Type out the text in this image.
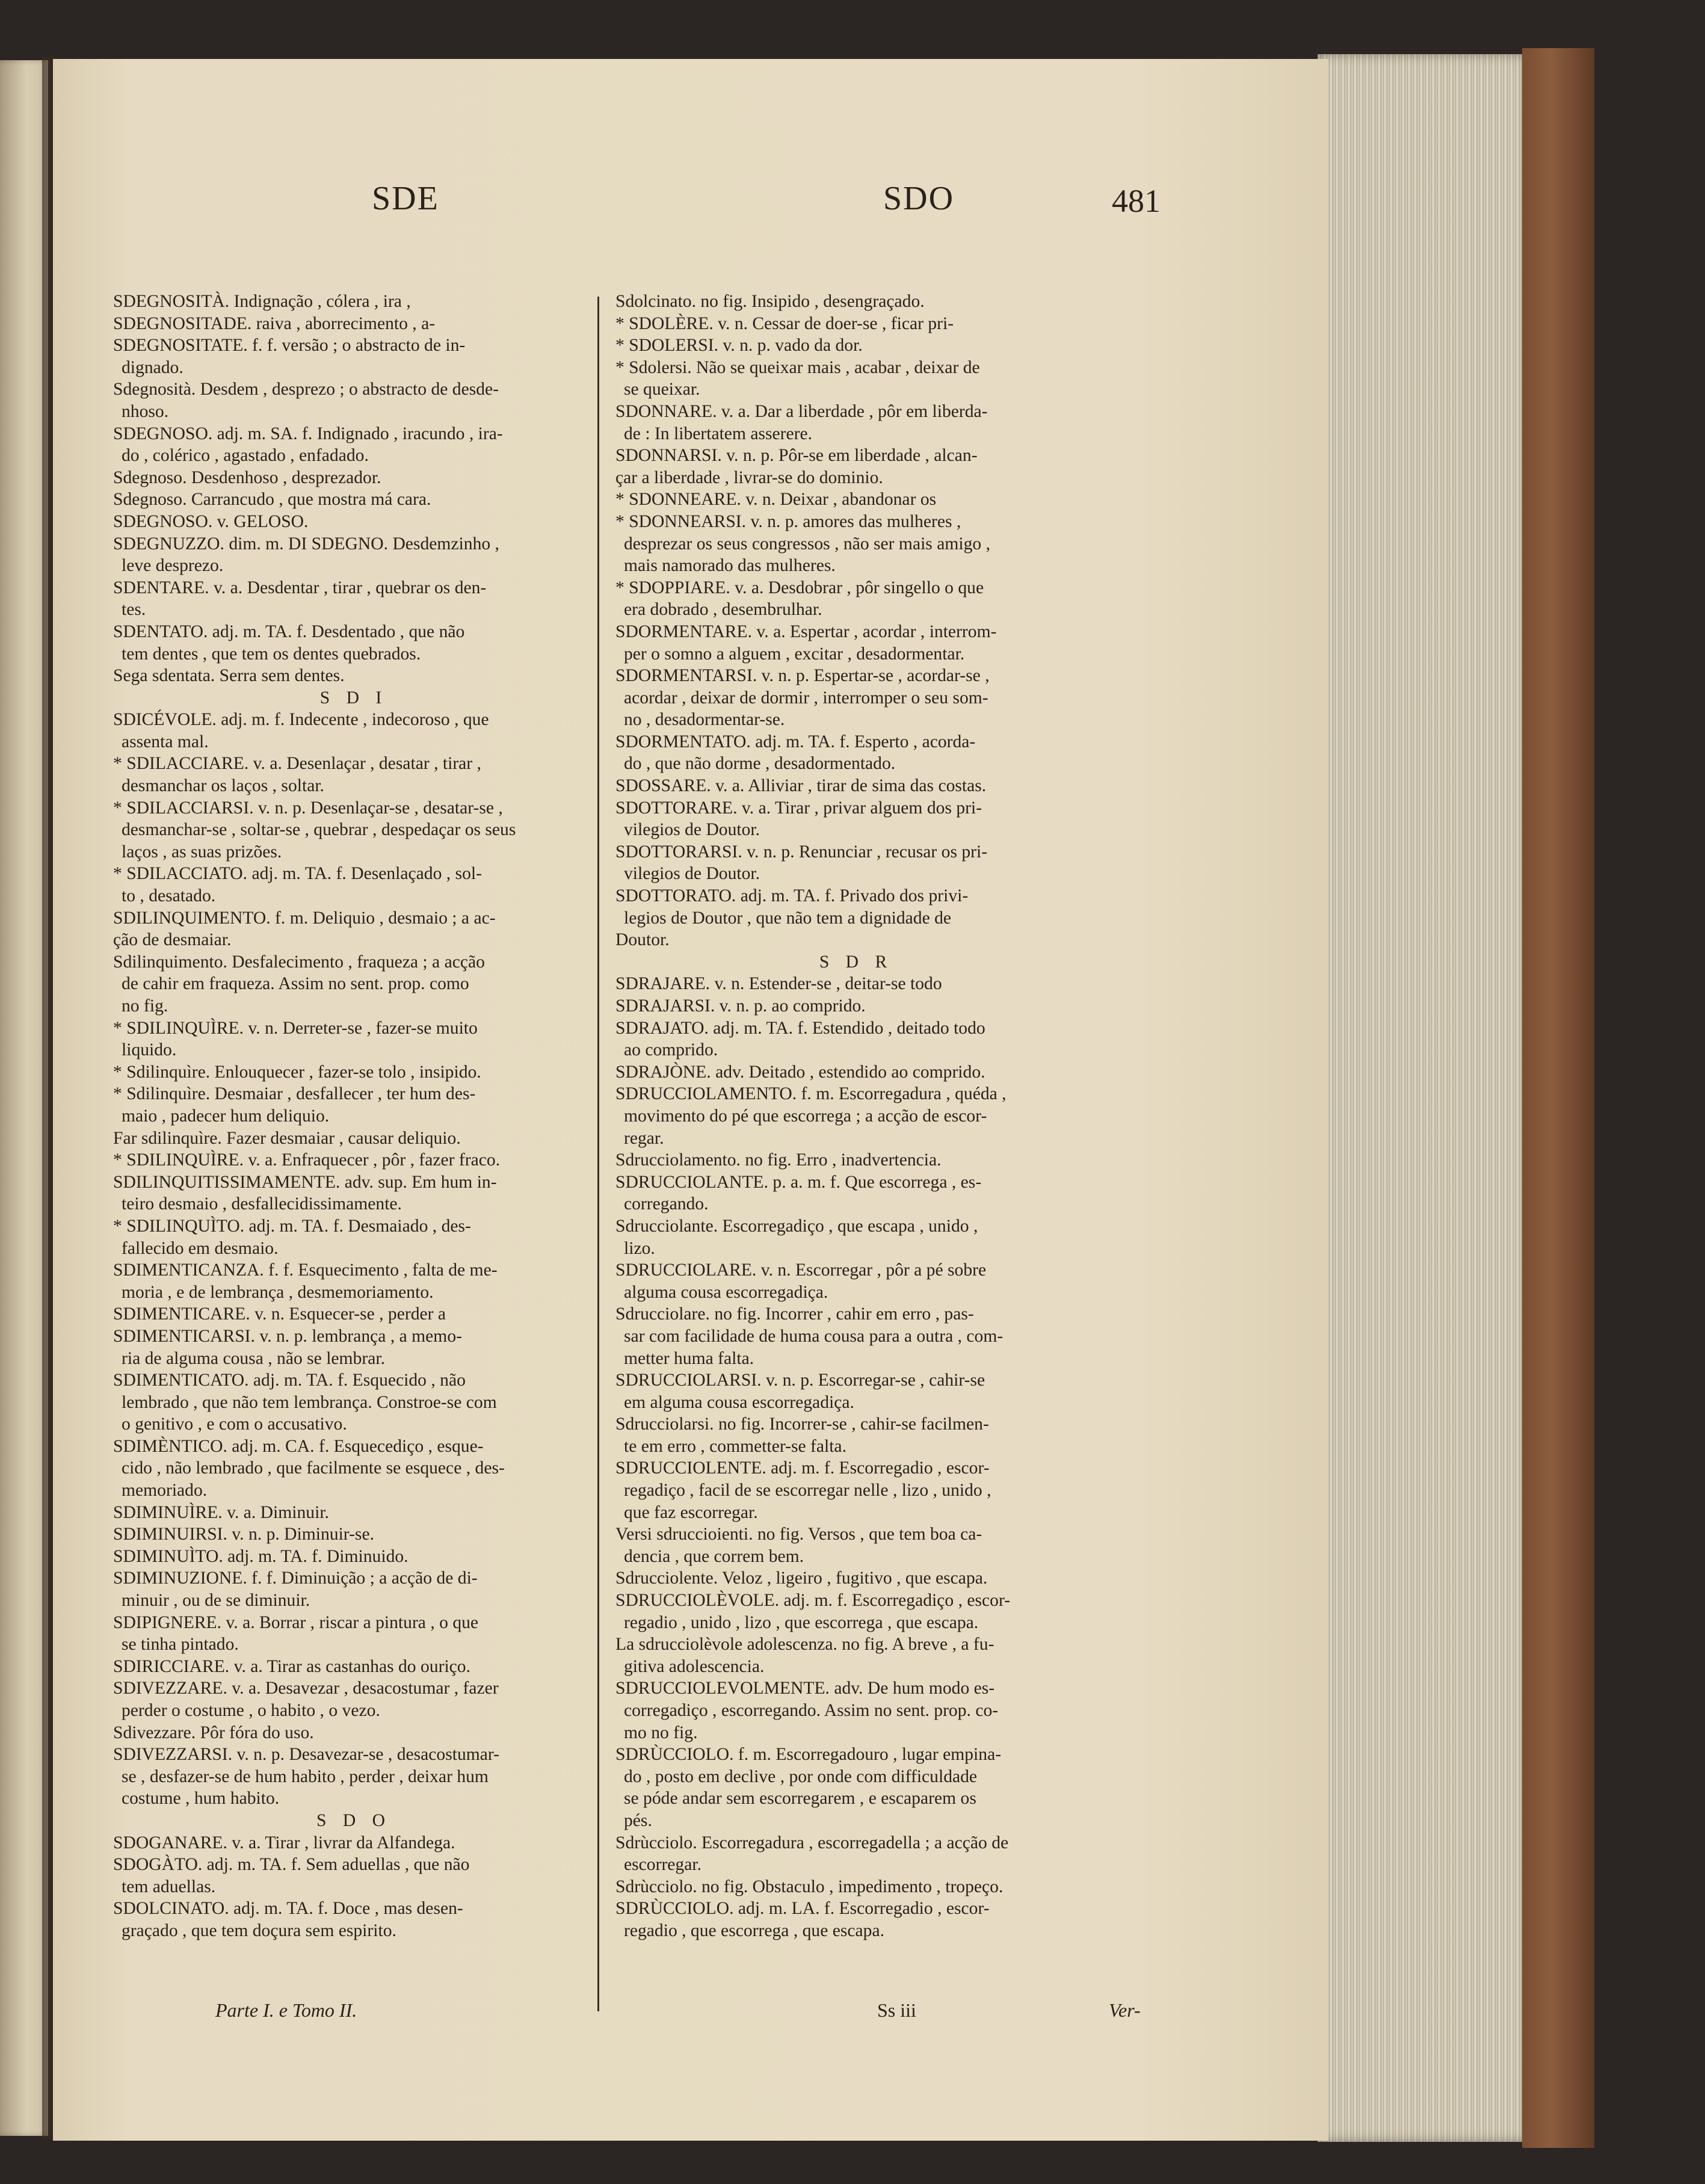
SDE	SDO	481
SDEGNOSITÀ. Indignação , cólera , ira ,
SDEGNOSITADE. raiva , aborrecimento , a-
SDEGNOSITATE. f. f. versão ; o abstracto de in-
dignado.
Sdegnosità. Desdem , desprezo ; o abstracto de desde-
nhoso.
SDEGNOSO. adj. m. SA. f. Indignado , iracundo , ira-
do , colérico , agastado , enfadado.
Sdegnoso. Desdenhoso , desprezador.
Sdegnoso. Carrancudo , que mostra má cara.
SDEGNOSO. v. GELOSO.
SDEGNUZZO. dim. m. DI SDEGNO. Desdemzinho ,
leve desprezo.
SDENTARE. v. a. Desdentar , tirar , quebrar os den-
tes.
SDENTATO. adj. m. TA. f. Desdentado , que não
tem dentes , que tem os dentes quebrados.
Sega sdentata. Serra sem dentes.
S D I
SDICÉVOLE. adj. m. f. Indecente , indecoroso , que
assenta mal.
* SDILACCIARE. v. a. Desenlaçar , desatar , tirar ,
desmanchar os laços , soltar.
* SDILACCIARSI. v. n. p. Desenlaçar-se , desatar-se ,
desmanchar-se , soltar-se , quebrar , despedaçar os seus
laços , as suas prizões.
* SDILACCIATO. adj. m. TA. f. Desenlaçado , sol-
to , desatado.
SDILINQUIMENTO. f. m. Deliquio , desmaio ; a ac-
ção de desmaiar.
Sdilinquimento. Desfalecimento , fraqueza ; a acção
de cahir em fraqueza. Assim no sent. prop. como
no fig.
* SDILINQUÌRE. v. n. Derreter-se , fazer-se muito
liquido.
* Sdilinquìre. Enlouquecer , fazer-se tolo , insipido.
* Sdilinquìre. Desmaiar , desfallecer , ter hum des-
maio , padecer hum deliquio.
Far sdilinquìre. Fazer desmaiar , causar deliquio.
* SDILINQUÌRE. v. a. Enfraquecer , pôr , fazer fraco.
SDILINQUITISSIMAMENTE. adv. sup. Em hum in-
teiro desmaio , desfallecidissimamente.
* SDILINQUÌTO. adj. m. TA. f. Desmaiado , des-
fallecido em desmaio.
SDIMENTICANZA. f. f. Esquecimento , falta de me-
moria , e de lembrança , desmemoriamento.
SDIMENTICARE. v. n. Esquecer-se , perder a
SDIMENTICARSI. v. n. p. lembrança , a memo-
ria de alguma cousa , não se lembrar.
SDIMENTICATO. adj. m. TA. f. Esquecido , não
lembrado , que não tem lembrança. Constroe-se com
o genitivo , e com o accusativo.
SDIMÈNTICO. adj. m. CA. f. Esquecediço , esque-
cido , não lembrado , que facilmente se esquece , des-
memoriado.
SDIMINUÌRE. v. a. Diminuir.
SDIMINUIRSI. v. n. p. Diminuir-se.
SDIMINUÌTO. adj. m. TA. f. Diminuido.
SDIMINUZIONE. f. f. Diminuição ; a acção de di-
minuir , ou de se diminuir.
SDIPIGNERE. v. a. Borrar , riscar a pintura , o que
se tinha pintado.
SDIRICCIARE. v. a. Tirar as castanhas do ouriço.
SDIVEZZARE. v. a. Desavezar , desacostumar , fazer
perder o costume , o habito , o vezo.
Sdivezzare. Pôr fóra do uso.
SDIVEZZARSI. v. n. p. Desavezar-se , desacostumar-
se , desfazer-se de hum habito , perder , deixar hum
costume , hum habito.
S D O
SDOGANARE. v. a. Tirar , livrar da Alfandega.
SDOGÀTO. adj. m. TA. f. Sem aduellas , que não
tem aduellas.
SDOLCINATO. adj. m. TA. f. Doce , mas desen-
graçado , que tem doçura sem espirito.
Sdolcinato. no fig. Insipido , desengraçado.
* SDOLÈRE. v. n. Cessar de doer-se , ficar pri-
* SDOLERSI. v. n. p. vado da dor.
* Sdolersi. Não se queixar mais , acabar , deixar de
se queixar.
SDONNARE. v. a. Dar a liberdade , pôr em liberda-
de : In libertatem asserere.
SDONNARSI. v. n. p. Pôr-se em liberdade , alcan-
çar a liberdade , livrar-se do dominio.
* SDONNEARE. v. n. Deixar , abandonar os
* SDONNEARSI. v. n. p. amores das mulheres ,
desprezar os seus congressos , não ser mais amigo ,
mais namorado das mulheres.
* SDOPPIARE. v. a. Desdobrar , pôr singello o que
era dobrado , desembrulhar.
SDORMENTARE. v. a. Espertar , acordar , interrom-
per o somno a alguem , excitar , desadormentar.
SDORMENTARSI. v. n. p. Espertar-se , acordar-se ,
acordar , deixar de dormir , interromper o seu som-
no , desadormentar-se.
SDORMENTATO. adj. m. TA. f. Esperto , acorda-
do , que não dorme , desadormentado.
SDOSSARE. v. a. Alliviar , tirar de sima das costas.
SDOTTORARE. v. a. Tirar , privar alguem dos pri-
vilegios de Doutor.
SDOTTORARSI. v. n. p. Renunciar , recusar os pri-
vilegios de Doutor.
SDOTTORATO. adj. m. TA. f. Privado dos privi-
legios de Doutor , que não tem a dignidade de
Doutor.
S D R
SDRAJARE. v. n. Estender-se , deitar-se todo
SDRAJARSI. v. n. p. ao comprido.
SDRAJATO. adj. m. TA. f. Estendido , deitado todo
ao comprido.
SDRAJÒNE. adv. Deitado , estendido ao comprido.
SDRUCCIOLAMENTO. f. m. Escorregadura , quéda ,
movimento do pé que escorrega ; a acção de escor-
regar.
Sdrucciolamento. no fig. Erro , inadvertencia.
SDRUCCIOLANTE. p. a. m. f. Que escorrega , es-
corregando.
Sdrucciolante. Escorregadiço , que escapa , unido ,
lizo.
SDRUCCIOLARE. v. n. Escorregar , pôr a pé sobre
alguma cousa escorregadiça.
Sdrucciolare. no fig. Incorrer , cahir em erro , pas-
sar com facilidade de huma cousa para a outra , com-
metter huma falta.
SDRUCCIOLARSI. v. n. p. Escorregar-se , cahir-se
em alguma cousa escorregadiça.
Sdrucciolarsi. no fig. Incorrer-se , cahir-se facilmen-
te em erro , commetter-se falta.
SDRUCCIOLENTE. adj. m. f. Escorregadio , escor-
regadiço , facil de se escorregar nelle , lizo , unido ,
que faz escorregar.
Versi sdruccioienti. no fig. Versos , que tem boa ca-
dencia , que correm bem.
Sdrucciolente. Veloz , ligeiro , fugitivo , que escapa.
SDRUCCIOLÈVOLE. adj. m. f. Escorregadiço , escor-
regadio , unido , lizo , que escorrega , que escapa.
La sdrucciolèvole adolescenza. no fig. A breve , a fu-
gitiva adolescencia.
SDRUCCIOLEVOLMENTE. adv. De hum modo es-
corregadiço , escorregando. Assim no sent. prop. co-
mo no fig.
SDRÙCCIOLO. f. m. Escorregadouro , lugar empina-
do , posto em declive , por onde com difficuldade
se póde andar sem escorregarem , e escaparem os
pés.
Sdrùcciolo. Escorregadura , escorregadella ; a acção de
escorregar.
Sdrùcciolo. no fig. Obstaculo , impedimento , tropeço.
SDRÙCCIOLO. adj. m. LA. f. Escorregadio , escor-
regadio , que escorrega , que escapa.
Parte I. e Tomo II.	Ss iii	Ver-
